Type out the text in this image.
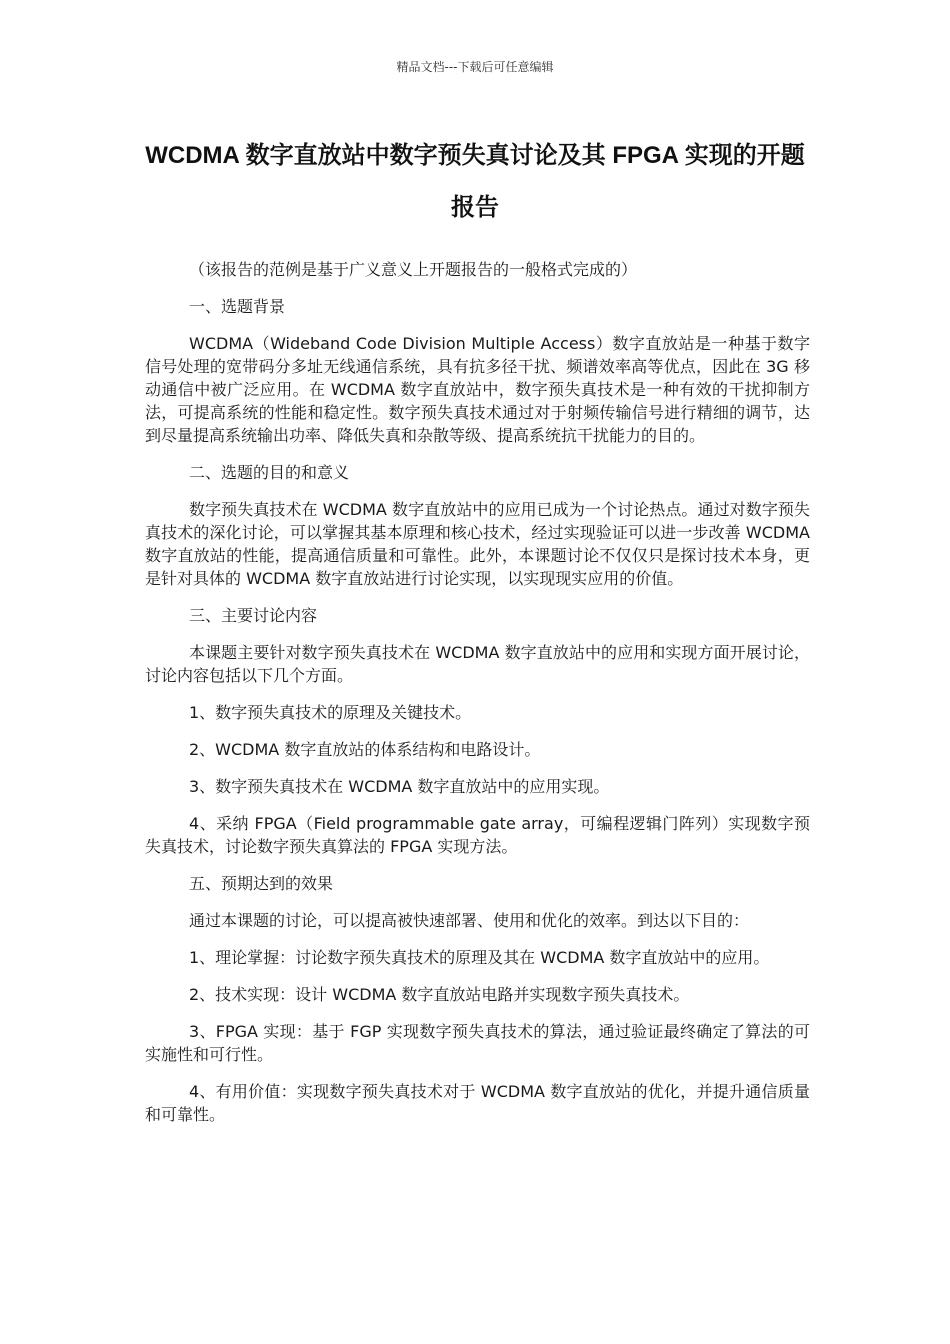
精品文档---下载后可任意编辑
WCDMA 数字直放站中数字预失真讨论及其 FPGA 实现的开题报告

（该报告的范例是基于广义意义上开题报告的一般格式完成的）

一、选题背景

WCDMA（Wideband Code Division Multiple Access）数字直放站是一种基于数字信号处理的宽带码分多址无线通信系统，具有抗多径干扰、频谱效率高等优点，因此在 3G 移动通信中被广泛应用。在 WCDMA 数字直放站中，数字预失真技术是一种有效的干扰抑制方法，可提高系统的性能和稳定性。数字预失真技术通过对于射频传输信号进行精细的调节，达到尽量提高系统输出功率、降低失真和杂散等级、提高系统抗干扰能力的目的。

二、选题的目的和意义

数字预失真技术在 WCDMA 数字直放站中的应用已成为一个讨论热点。通过对数字预失真技术的深化讨论，可以掌握其基本原理和核心技术，经过实现验证可以进一步改善 WCDMA 数字直放站的性能，提高通信质量和可靠性。此外，本课题讨论不仅仅只是探讨技术本身，更是针对具体的 WCDMA 数字直放站进行讨论实现，以实现现实应用的价值。

三、主要讨论内容

本课题主要针对数字预失真技术在 WCDMA 数字直放站中的应用和实现方面开展讨论，讨论内容包括以下几个方面。

1、数字预失真技术的原理及关键技术。

2、WCDMA 数字直放站的体系结构和电路设计。

3、数字预失真技术在 WCDMA 数字直放站中的应用实现。

4、采纳 FPGA（Field programmable gate array，可编程逻辑门阵列）实现数字预失真技术，讨论数字预失真算法的 FPGA 实现方法。

五、预期达到的效果

通过本课题的讨论，可以提高被快速部署、使用和优化的效率。到达以下目的：

1、理论掌握：讨论数字预失真技术的原理及其在 WCDMA 数字直放站中的应用。

2、技术实现：设计 WCDMA 数字直放站电路并实现数字预失真技术。

3、FPGA 实现：基于 FGP 实现数字预失真技术的算法，通过验证最终确定了算法的可实施性和可行性。

4、有用价值：实现数字预失真技术对于 WCDMA 数字直放站的优化，并提升通信质量和可靠性。
